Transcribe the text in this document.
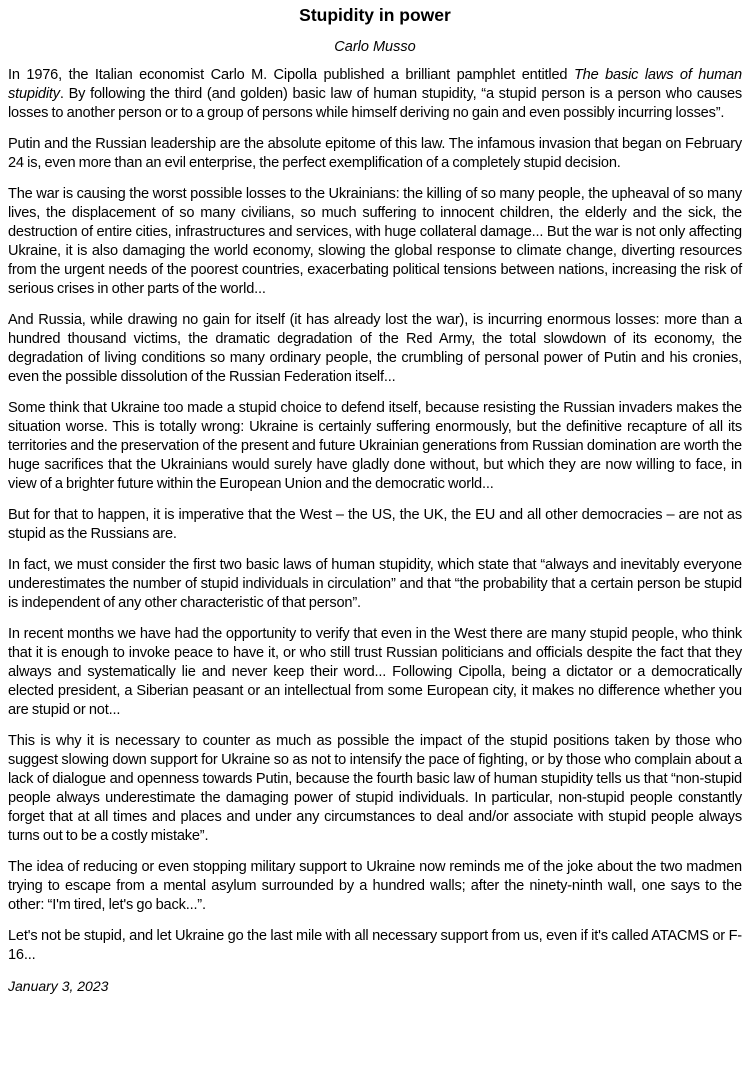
Stupidity in power
Carlo Musso

In 1976, the Italian economist Carlo M. Cipolla published a brilliant pamphlet entitled The basic laws of human stupidity. By following the third (and golden) basic law of human stupidity, “a stupid person is a person who causes losses to another person or to a group of persons while himself deriving no gain and even possibly incurring losses”.

Putin and the Russian leadership are the absolute epitome of this law. The infamous invasion that began on February 24 is, even more than an evil enterprise, the perfect exemplification of a completely stupid decision.

The war is causing the worst possible losses to the Ukrainians: the killing of so many people, the upheaval of so many lives, the displacement of so many civilians, so much suffering to innocent children, the elderly and the sick, the destruction of entire cities, infrastructures and services, with huge collateral damage... But the war is not only affecting Ukraine, it is also damaging the world economy, slowing the global response to climate change, diverting resources from the urgent needs of the poorest countries, exacerbating political tensions between nations, increasing the risk of serious crises in other parts of the world...

And Russia, while drawing no gain for itself (it has already lost the war), is incurring enormous losses: more than a hundred thousand victims, the dramatic degradation of the Red Army, the total slowdown of its economy, the degradation of living conditions so many ordinary people, the crumbling of personal power of Putin and his cronies, even the possible dissolution of the Russian Federation itself...

Some think that Ukraine too made a stupid choice to defend itself, because resisting the Russian invaders makes the situation worse. This is totally wrong: Ukraine is certainly suffering enormously, but the definitive recapture of all its territories and the preservation of the present and future Ukrainian generations from Russian domination are worth the huge sacrifices that the Ukrainians would surely have gladly done without, but which they are now willing to face, in view of a brighter future within the European Union and the democratic world...

But for that to happen, it is imperative that the West – the US, the UK, the EU and all other democracies – are not as stupid as the Russians are.

In fact, we must consider the first two basic laws of human stupidity, which state that “always and inevitably everyone underestimates the number of stupid individuals in circulation” and that “the probability that a certain person be stupid is independent of any other characteristic of that person”.

In recent months we have had the opportunity to verify that even in the West there are many stupid people, who think that it is enough to invoke peace to have it, or who still trust Russian politicians and officials despite the fact that they always and systematically lie and never keep their word... Following Cipolla, being a dictator or a democratically elected president, a Siberian peasant or an intellectual from some European city, it makes no difference whether you are stupid or not...

This is why it is necessary to counter as much as possible the impact of the stupid positions taken by those who suggest slowing down support for Ukraine so as not to intensify the pace of fighting, or by those who complain about a lack of dialogue and openness towards Putin, because the fourth basic law of human stupidity tells us that “non-stupid people always underestimate the damaging power of stupid individuals. In particular, non-stupid people constantly forget that at all times and places and under any circumstances to deal and/or associate with stupid people always turns out to be a costly mistake”.

The idea of reducing or even stopping military support to Ukraine now reminds me of the joke about the two madmen trying to escape from a mental asylum surrounded by a hundred walls; after the ninety-ninth wall, one says to the other: “I'm tired, let's go back...”.

Let's not be stupid, and let Ukraine go the last mile with all necessary support from us, even if it's called ATACMS or F-16...

January 3, 2023
